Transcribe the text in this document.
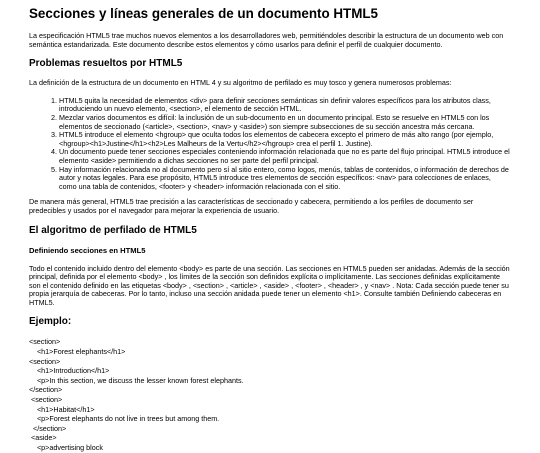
Secciones y líneas generales de un documento HTML5

La especificación HTML5 trae muchos nuevos elementos a los desarrolladores web, permitiéndoles describir la estructura de un documento web con semántica estandarizada. Este documento describe estos elementos y cómo usarlos para definir el perfil de cualquier documento.

Problemas resueltos por HTML5

La definición de la estructura de un documento en HTML 4 y su algoritmo de perfilado es muy tosco y genera numerosos problemas:

1. HTML5 quita la necesidad de elementos <div> para definir secciones semánticas sin definir valores específicos para los atributos class, introduciendo un nuevo elemento, <section>, el elemento de sección HTML.
2. Mezclar varios documentos es difícil: la inclusión de un sub-documento en un documento principal. Esto se resuelve en HTML5 con los elementos de seccionado (<article>, <section>, <nav> y <aside>) son siempre subsecciones de su sección ancestra más cercana.
3. HTML5 introduce el elemento <hgroup> que oculta todos los elementos de cabecera excepto el primero de más alto rango (por ejemplo, <hgroup><h1>Justine</h1><h2>Les Malheurs de la Vertu</h2></hgroup> crea el perfil 1. Justine).
4. Un documento puede tener secciones especiales conteniendo información relacionada que no es parte del flujo principal. HTML5 introduce el elemento <aside> permitiendo a dichas secciones no ser parte del perfil principal.
5. Hay información relacionada no al documento pero sí al sitio entero, como logos, menús, tablas de contenidos, o información de derechos de autor y notas legales. Para ese propósito, HTML5 introduce tres elementos de sección específicos: <nav> para colecciones de enlaces, como una tabla de contenidos, <footer> y <header> información relacionada con el sitio.

De manera más general, HTML5 trae precisión a las características de seccionado y cabecera, permitiendo a los perfiles de documento ser predecibles y usados por el navegador para mejorar la experiencia de usuario.

El algoritmo de perfilado de HTML5
Definiendo secciones en HTML5

Todo el contenido incluido dentro del elemento <body> es parte de una sección. Las secciones en HTML5 pueden ser anidadas. Además de la sección principal, definida por el elemento <body> , los límites de la sección son definidos explícita o implícitamente. Las secciones definidas explícitamente son el contenido definido en las etiquetas <body> , <section> , <article> , <aside> , <footer> , <header> , y <nav> . Nota: Cada sección puede tener su propia jerarquía de cabeceras. Por lo tanto, incluso una sección anidada puede tener un elemento <h1>. Consulte también Definiendo cabeceras en HTML5.

Ejemplo:
<section>
<h1>Forest elephants</h1>
<section>
<h1>Introduction</h1>
<p>In this section, we discuss the lesser known forest elephants.
</section>
<section>
<h1>Habitat</h1>
<p>Forest elephants do not live in trees but among them.
</section>
<aside>
<p>advertising block
